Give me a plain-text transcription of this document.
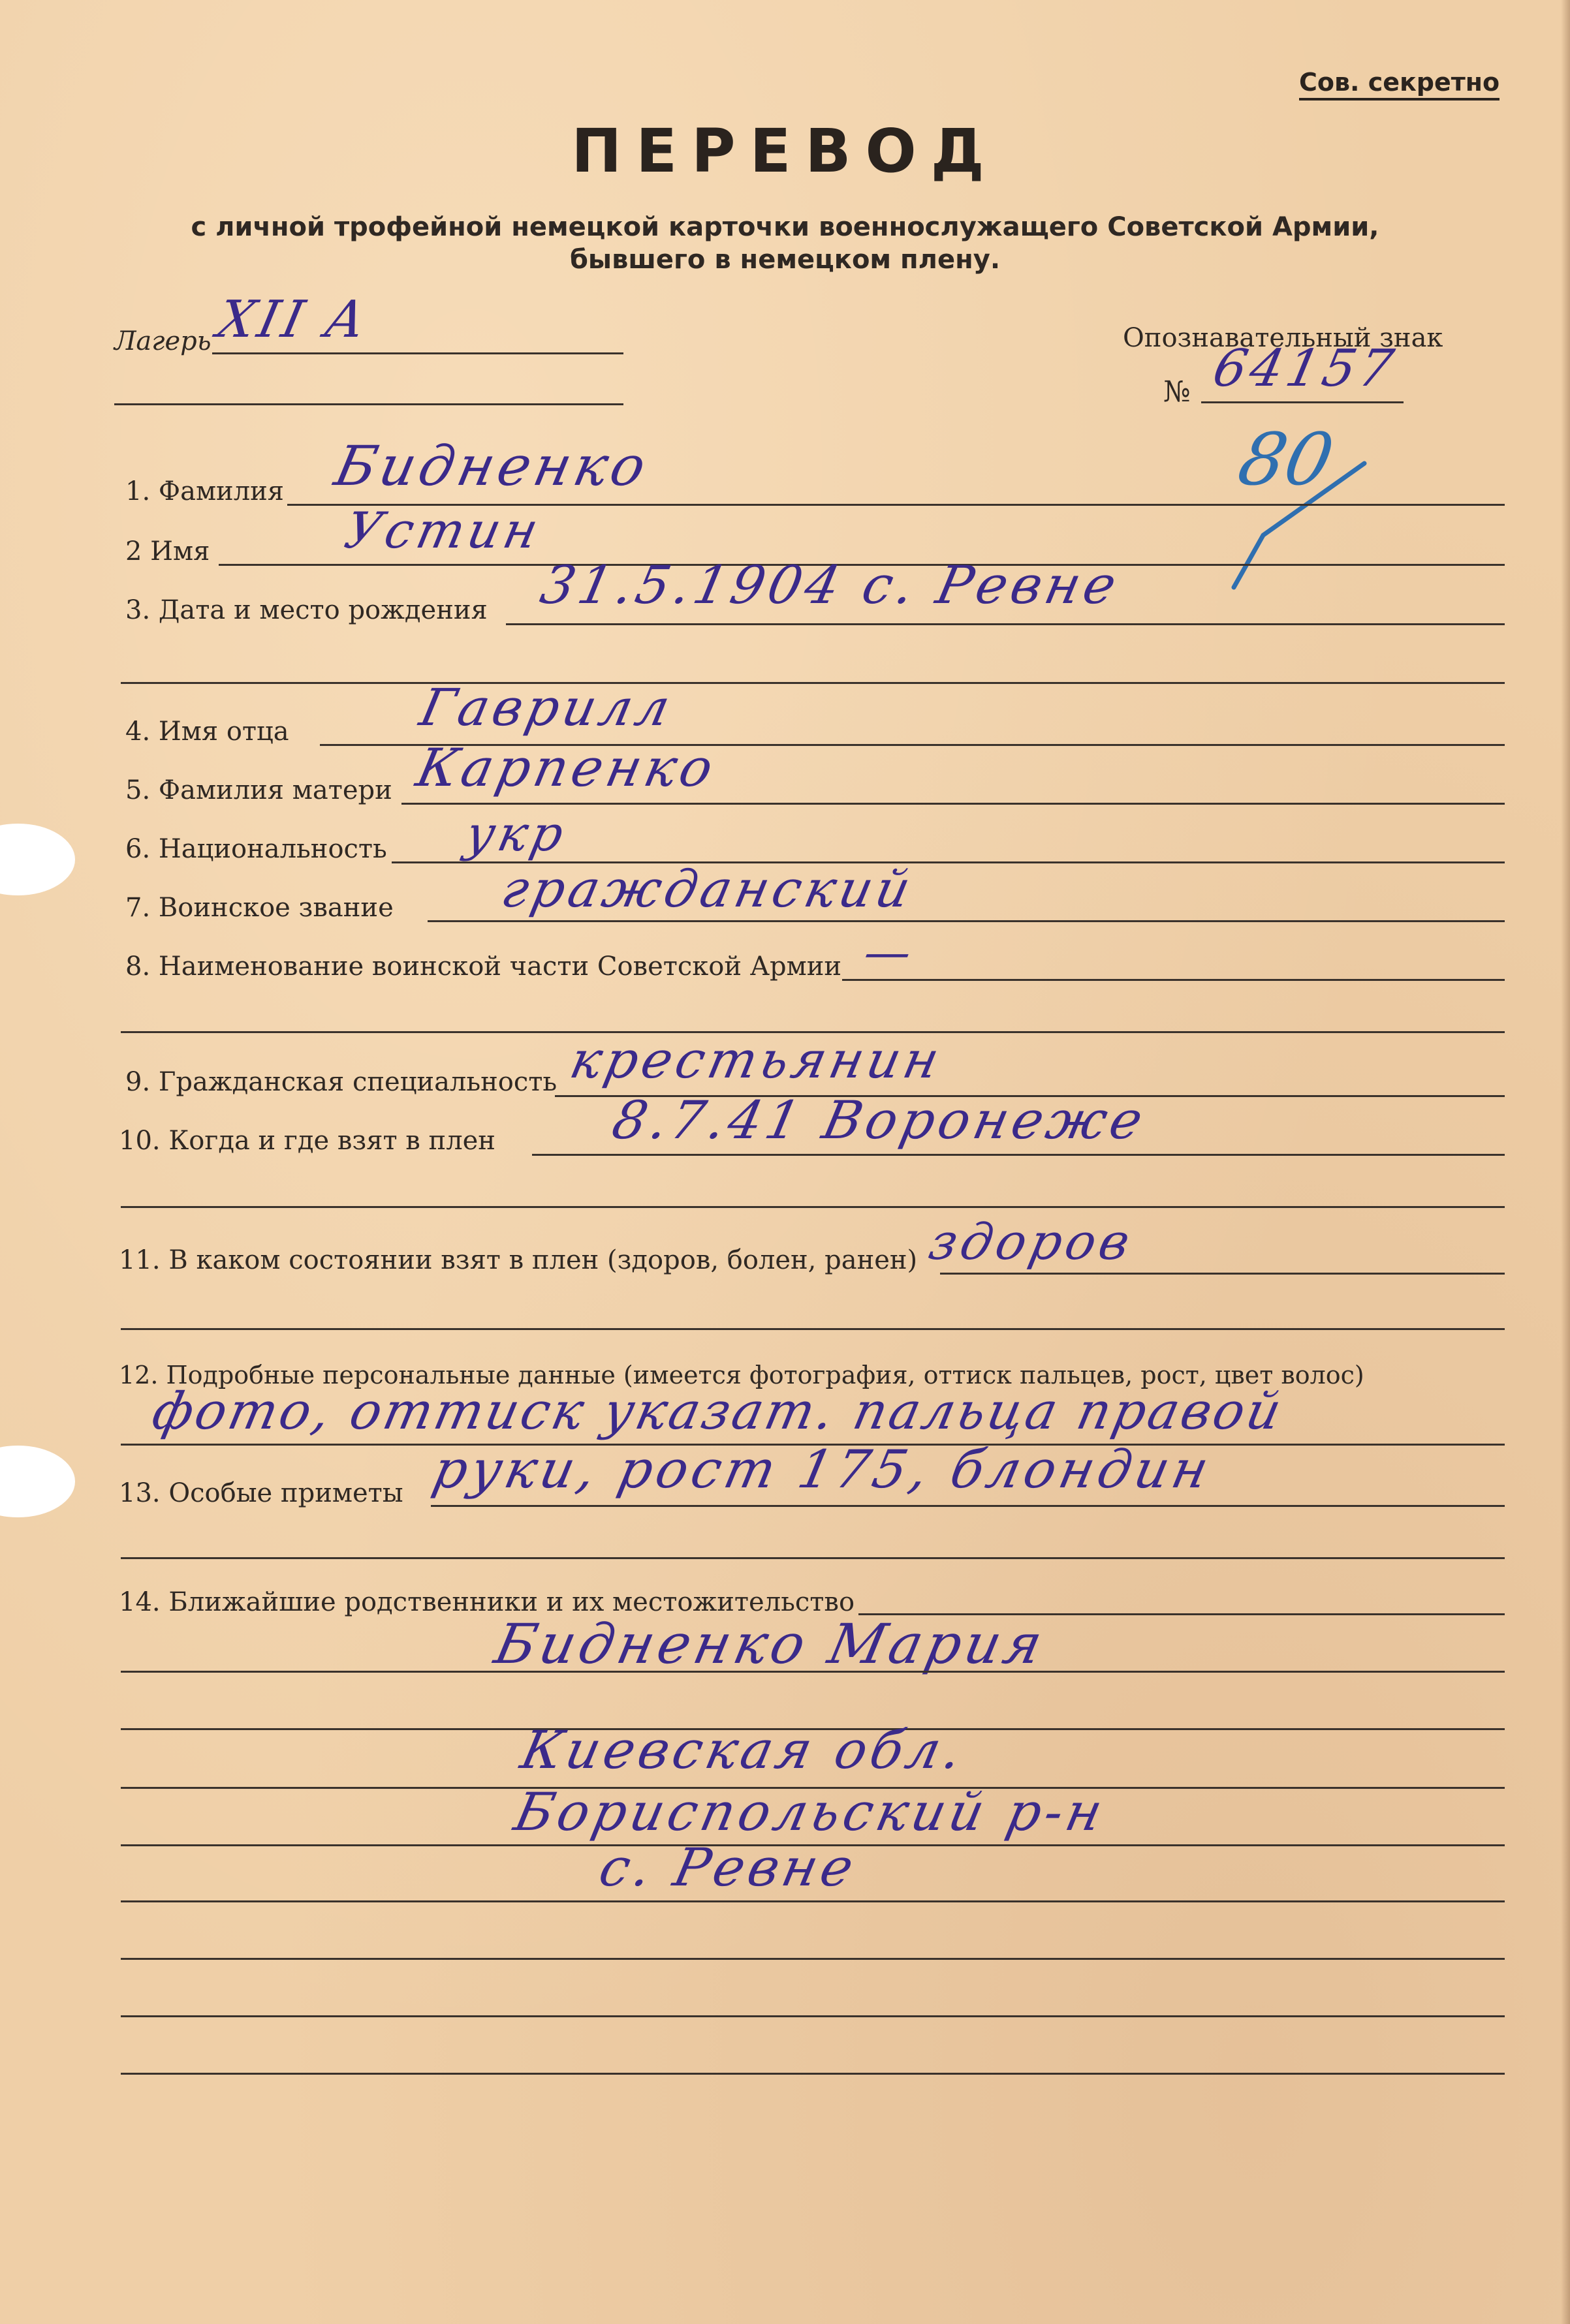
Сов. секретно
ПЕРЕВОД
с личной трофейной немецкой карточки военнослужащего Советской Армии,
бывшего в немецком плену.
Лагерь XII A	Опознавательный знак
№ 64157
80
1. Фамилия Бидненко
2 Имя	Устин
3. Дата и место рождения 31.5.1904 с. Ревне
4. Имя отца Гаврилл
5. Фамилия матери Карпенко
6. Национальность укр
7. Воинское звание гражданский
8. Наименование воинской части Советской Армии —
9. Гражданская специальность крестьянин
10. Когда и где взят в плен 8.7.41 Воронеже
11. В каком состоянии взят в плен (здоров, болен, ранен) здоров
12. Подробные персональные данные (имеется фотография, оттиск пальцев, рост, цвет волос)
фото, оттиск указат. пальца правой
13. Особые приметы руки, рост 175, блондин
14. Ближайшие родственники и их местожительство
Бидненко Мария
Киевская обл.
Бориспольский р-н
с. Ревне
